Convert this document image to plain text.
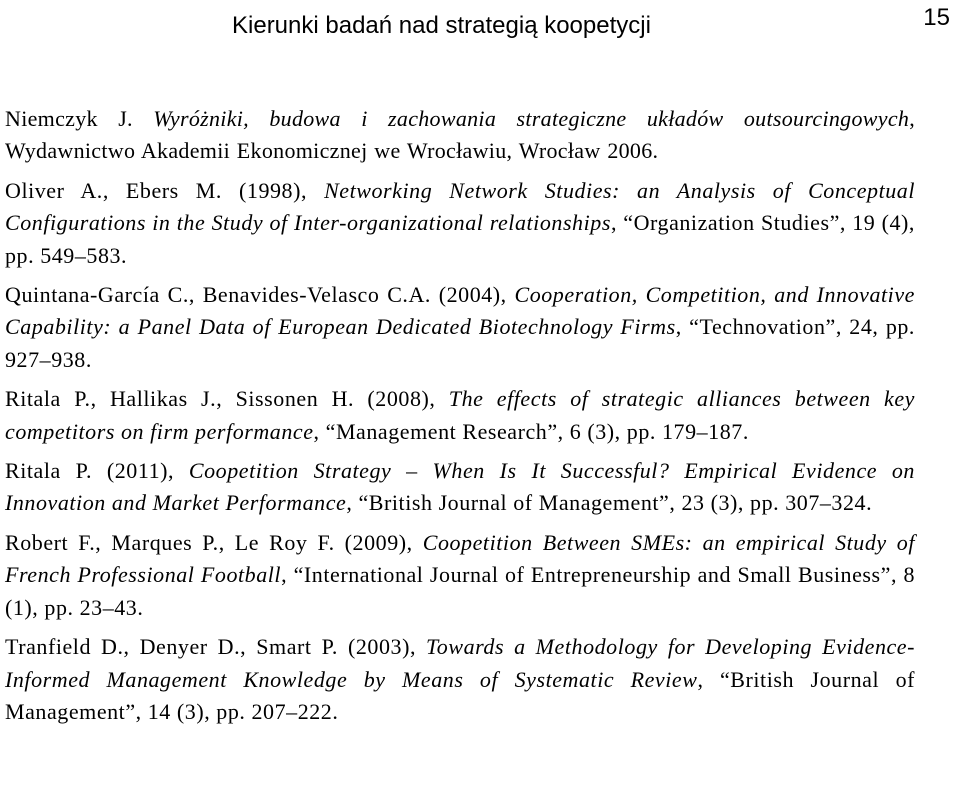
Kierunki badań nad strategią koopetycji	15

Niemczyk J. Wyróżniki, budowa i zachowania strategiczne układów outsourcingowych, Wydawnictwo Akademii Ekonomicznej we Wrocławiu, Wrocław 2006.

Oliver A., Ebers M. (1998), Networking Network Studies: an Analysis of Conceptual Configurations in the Study of Inter-organizational relationships, “Organization Studies”, 19 (4), pp. 549‒583.

Quintana-García C., Benavides-Velasco C.A. (2004), Cooperation, Competition, and Innovative Capability: a Panel Data of European Dedicated Biotechnology Firms, “Technovation”, 24, pp. 927‒938.

Ritala P., Hallikas J., Sissonen H. (2008), The effects of strategic alliances between key competitors on firm performance, “Management Research”, 6 (3), pp. 179‒187.

Ritala P. (2011), Coopetition Strategy ‒ When Is It Successful? Empirical Evidence on Innovation and Market Performance, “British Journal of Management”, 23 (3), pp. 307‒324.

Robert F., Marques P., Le Roy F. (2009), Coopetition Between SMEs: an empirical Study of French Professional Football, “International Journal of Entrepreneurship and Small Business”, 8 (1), pp. 23‒43.

Tranfield D., Denyer D., Smart P. (2003), Towards a Methodology for Developing Evidence-Informed Management Knowledge by Means of Systematic Review, “British Journal of Management”, 14 (3), pp. 207‒222.
